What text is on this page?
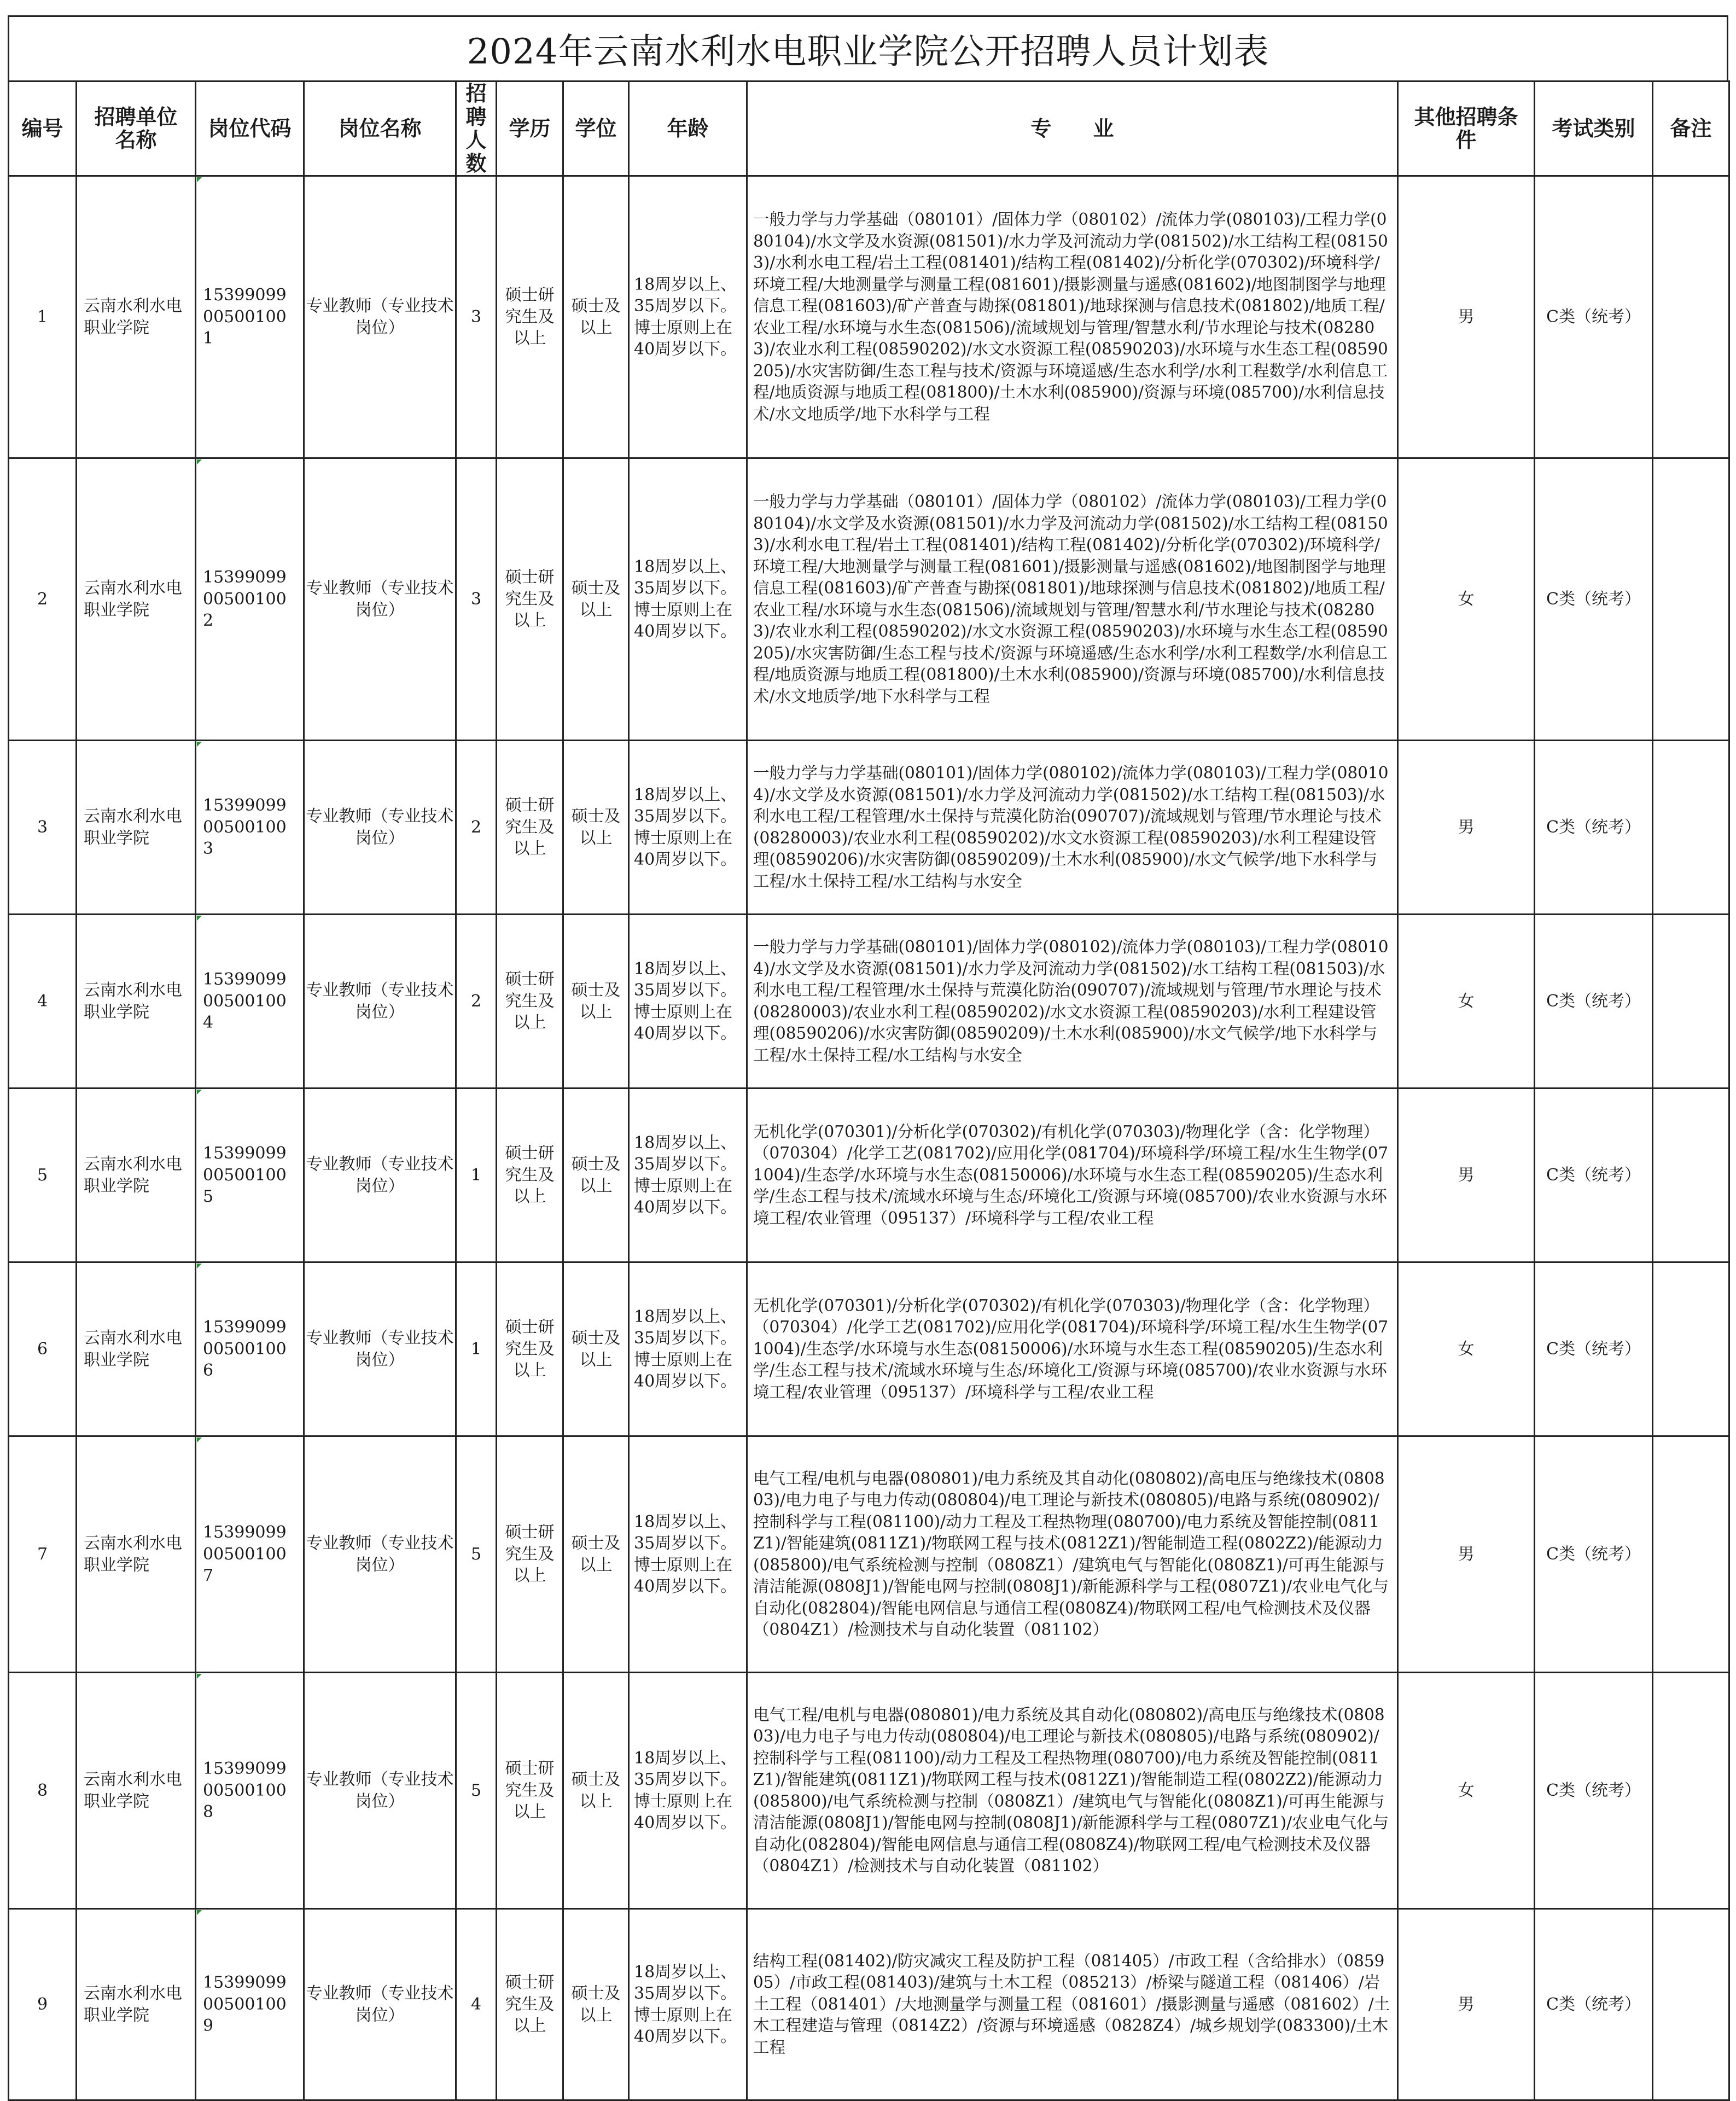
2024年云南水利水电职业学院公开招聘人员计划表
编号	招聘单位名称	岗位代码	岗位名称	招聘人数	学历	学位	年龄	专　　业	其他招聘条件	考试类别	备注
1	云南水利水电职业学院	15399099005001001	专业教师（专业技术岗位）	3	硕士研究生及以上	硕士及以上	18周岁以上、35周岁以下。博士原则上在40周岁以下。	一般力学与力学基础（080101）/固体力学（080102）/流体力学(080103)/工程力学(080104)/水文学及水资源(081501)/水力学及河流动力学(081502)/水工结构工程(081503)/水利水电工程/岩土工程(081401)/结构工程(081402)/分析化学(070302)/环境科学/环境工程/大地测量学与测量工程(081601)/摄影测量与遥感(081602)/地图制图学与地理信息工程(081603)/矿产普查与勘探(081801)/地球探测与信息技术(081802)/地质工程/农业工程/水环境与水生态(081506)/流域规划与管理/智慧水利/节水理论与技术(082803)/农业水利工程(08590202)/水文水资源工程(08590203)/水环境与水生态工程(08590205)/水灾害防御/生态工程与技术/资源与环境遥感/生态水利学/水利工程数学/水利信息工程/地质资源与地质工程(081800)/土木水利(085900)/资源与环境(085700)/水利信息技术/水文地质学/地下水科学与工程	男	C类（统考）	
2	云南水利水电职业学院	15399099005001002	专业教师（专业技术岗位）	3	硕士研究生及以上	硕士及以上	18周岁以上、35周岁以下。博士原则上在40周岁以下。	一般力学与力学基础（080101）/固体力学（080102）/流体力学(080103)/工程力学(080104)/水文学及水资源(081501)/水力学及河流动力学(081502)/水工结构工程(081503)/水利水电工程/岩土工程(081401)/结构工程(081402)/分析化学(070302)/环境科学/环境工程/大地测量学与测量工程(081601)/摄影测量与遥感(081602)/地图制图学与地理信息工程(081603)/矿产普查与勘探(081801)/地球探测与信息技术(081802)/地质工程/农业工程/水环境与水生态(081506)/流域规划与管理/智慧水利/节水理论与技术(082803)/农业水利工程(08590202)/水文水资源工程(08590203)/水环境与水生态工程(08590205)/水灾害防御/生态工程与技术/资源与环境遥感/生态水利学/水利工程数学/水利信息工程/地质资源与地质工程(081800)/土木水利(085900)/资源与环境(085700)/水利信息技术/水文地质学/地下水科学与工程	女	C类（统考）	
3	云南水利水电职业学院	15399099005001003	专业教师（专业技术岗位）	2	硕士研究生及以上	硕士及以上	18周岁以上、35周岁以下。博士原则上在40周岁以下。	一般力学与力学基础(080101)/固体力学(080102)/流体力学(080103)/工程力学(080104)/水文学及水资源(081501)/水力学及河流动力学(081502)/水工结构工程(081503)/水利水电工程/工程管理/水土保持与荒漠化防治(090707)/流域规划与管理/节水理论与技术(08280003)/农业水利工程(08590202)/水文水资源工程(08590203)/水利工程建设管理(08590206)/水灾害防御(08590209)/土木水利(085900)/水文气候学/地下水科学与工程/水土保持工程/水工结构与水安全	男	C类（统考）	
4	云南水利水电职业学院	15399099005001004	专业教师（专业技术岗位）	2	硕士研究生及以上	硕士及以上	18周岁以上、35周岁以下。博士原则上在40周岁以下。	一般力学与力学基础(080101)/固体力学(080102)/流体力学(080103)/工程力学(080104)/水文学及水资源(081501)/水力学及河流动力学(081502)/水工结构工程(081503)/水利水电工程/工程管理/水土保持与荒漠化防治(090707)/流域规划与管理/节水理论与技术(08280003)/农业水利工程(08590202)/水文水资源工程(08590203)/水利工程建设管理(08590206)/水灾害防御(08590209)/土木水利(085900)/水文气候学/地下水科学与工程/水土保持工程/水工结构与水安全	女	C类（统考）	
5	云南水利水电职业学院	15399099005001005	专业教师（专业技术岗位）	1	硕士研究生及以上	硕士及以上	18周岁以上、35周岁以下。博士原则上在40周岁以下。	无机化学(070301)/分析化学(070302)/有机化学(070303)/物理化学（含：化学物理）（070304）/化学工艺(081702)/应用化学(081704)/环境科学/环境工程/水生生物学(071004)/生态学/水环境与水生态(08150006)/水环境与水生态工程(08590205)/生态水利学/生态工程与技术/流域水环境与生态/环境化工/资源与环境(085700)/农业水资源与水环境工程/农业管理（095137）/环境科学与工程/农业工程	男	C类（统考）	
6	云南水利水电职业学院	15399099005001006	专业教师（专业技术岗位）	1	硕士研究生及以上	硕士及以上	18周岁以上、35周岁以下。博士原则上在40周岁以下。	无机化学(070301)/分析化学(070302)/有机化学(070303)/物理化学（含：化学物理）（070304）/化学工艺(081702)/应用化学(081704)/环境科学/环境工程/水生生物学(071004)/生态学/水环境与水生态(08150006)/水环境与水生态工程(08590205)/生态水利学/生态工程与技术/流域水环境与生态/环境化工/资源与环境(085700)/农业水资源与水环境工程/农业管理（095137）/环境科学与工程/农业工程	女	C类（统考）	
7	云南水利水电职业学院	15399099005001007	专业教师（专业技术岗位）	5	硕士研究生及以上	硕士及以上	18周岁以上、35周岁以下。博士原则上在40周岁以下。	电气工程/电机与电器(080801)/电力系统及其自动化(080802)/高电压与绝缘技术(080803)/电力电子与电力传动(080804)/电工理论与新技术(080805)/电路与系统(080902)/控制科学与工程(081100)/动力工程及工程热物理(080700)/电力系统及智能控制(0811Z1)/智能建筑(0811Z1)/物联网工程与技术(0812Z1)/智能制造工程(0802Z2)/能源动力(085800)/电气系统检测与控制（0808Z1）/建筑电气与智能化(0808Z1)/可再生能源与清洁能源(0808J1)/智能电网与控制(0808J1)/新能源科学与工程(0807Z1)/农业电气化与自动化(082804)/智能电网信息与通信工程(0808Z4)/物联网工程/电气检测技术及仪器（0804Z1）/检测技术与自动化装置（081102）	男	C类（统考）	
8	云南水利水电职业学院	15399099005001008	专业教师（专业技术岗位）	5	硕士研究生及以上	硕士及以上	18周岁以上、35周岁以下。博士原则上在40周岁以下。	电气工程/电机与电器(080801)/电力系统及其自动化(080802)/高电压与绝缘技术(080803)/电力电子与电力传动(080804)/电工理论与新技术(080805)/电路与系统(080902)/控制科学与工程(081100)/动力工程及工程热物理(080700)/电力系统及智能控制(0811Z1)/智能建筑(0811Z1)/物联网工程与技术(0812Z1)/智能制造工程(0802Z2)/能源动力(085800)/电气系统检测与控制（0808Z1）/建筑电气与智能化(0808Z1)/可再生能源与清洁能源(0808J1)/智能电网与控制(0808J1)/新能源科学与工程(0807Z1)/农业电气化与自动化(082804)/智能电网信息与通信工程(0808Z4)/物联网工程/电气检测技术及仪器（0804Z1）/检测技术与自动化装置（081102）	女	C类（统考）	
9	云南水利水电职业学院	15399099005001009	专业教师（专业技术岗位）	4	硕士研究生及以上	硕士及以上	18周岁以上、35周岁以下。博士原则上在40周岁以下。	结构工程(081402)/防灾减灾工程及防护工程（081405）/市政工程（含给排水）（085905）/市政工程(081403)/建筑与土木工程（085213）/桥梁与隧道工程（081406）/岩土工程（081401）/大地测量学与测量工程（081601）/摄影测量与遥感（081602）/土木工程建造与管理（0814Z2）/资源与环境遥感（0828Z4）/城乡规划学(083300)/土木工程	男	C类（统考）	
